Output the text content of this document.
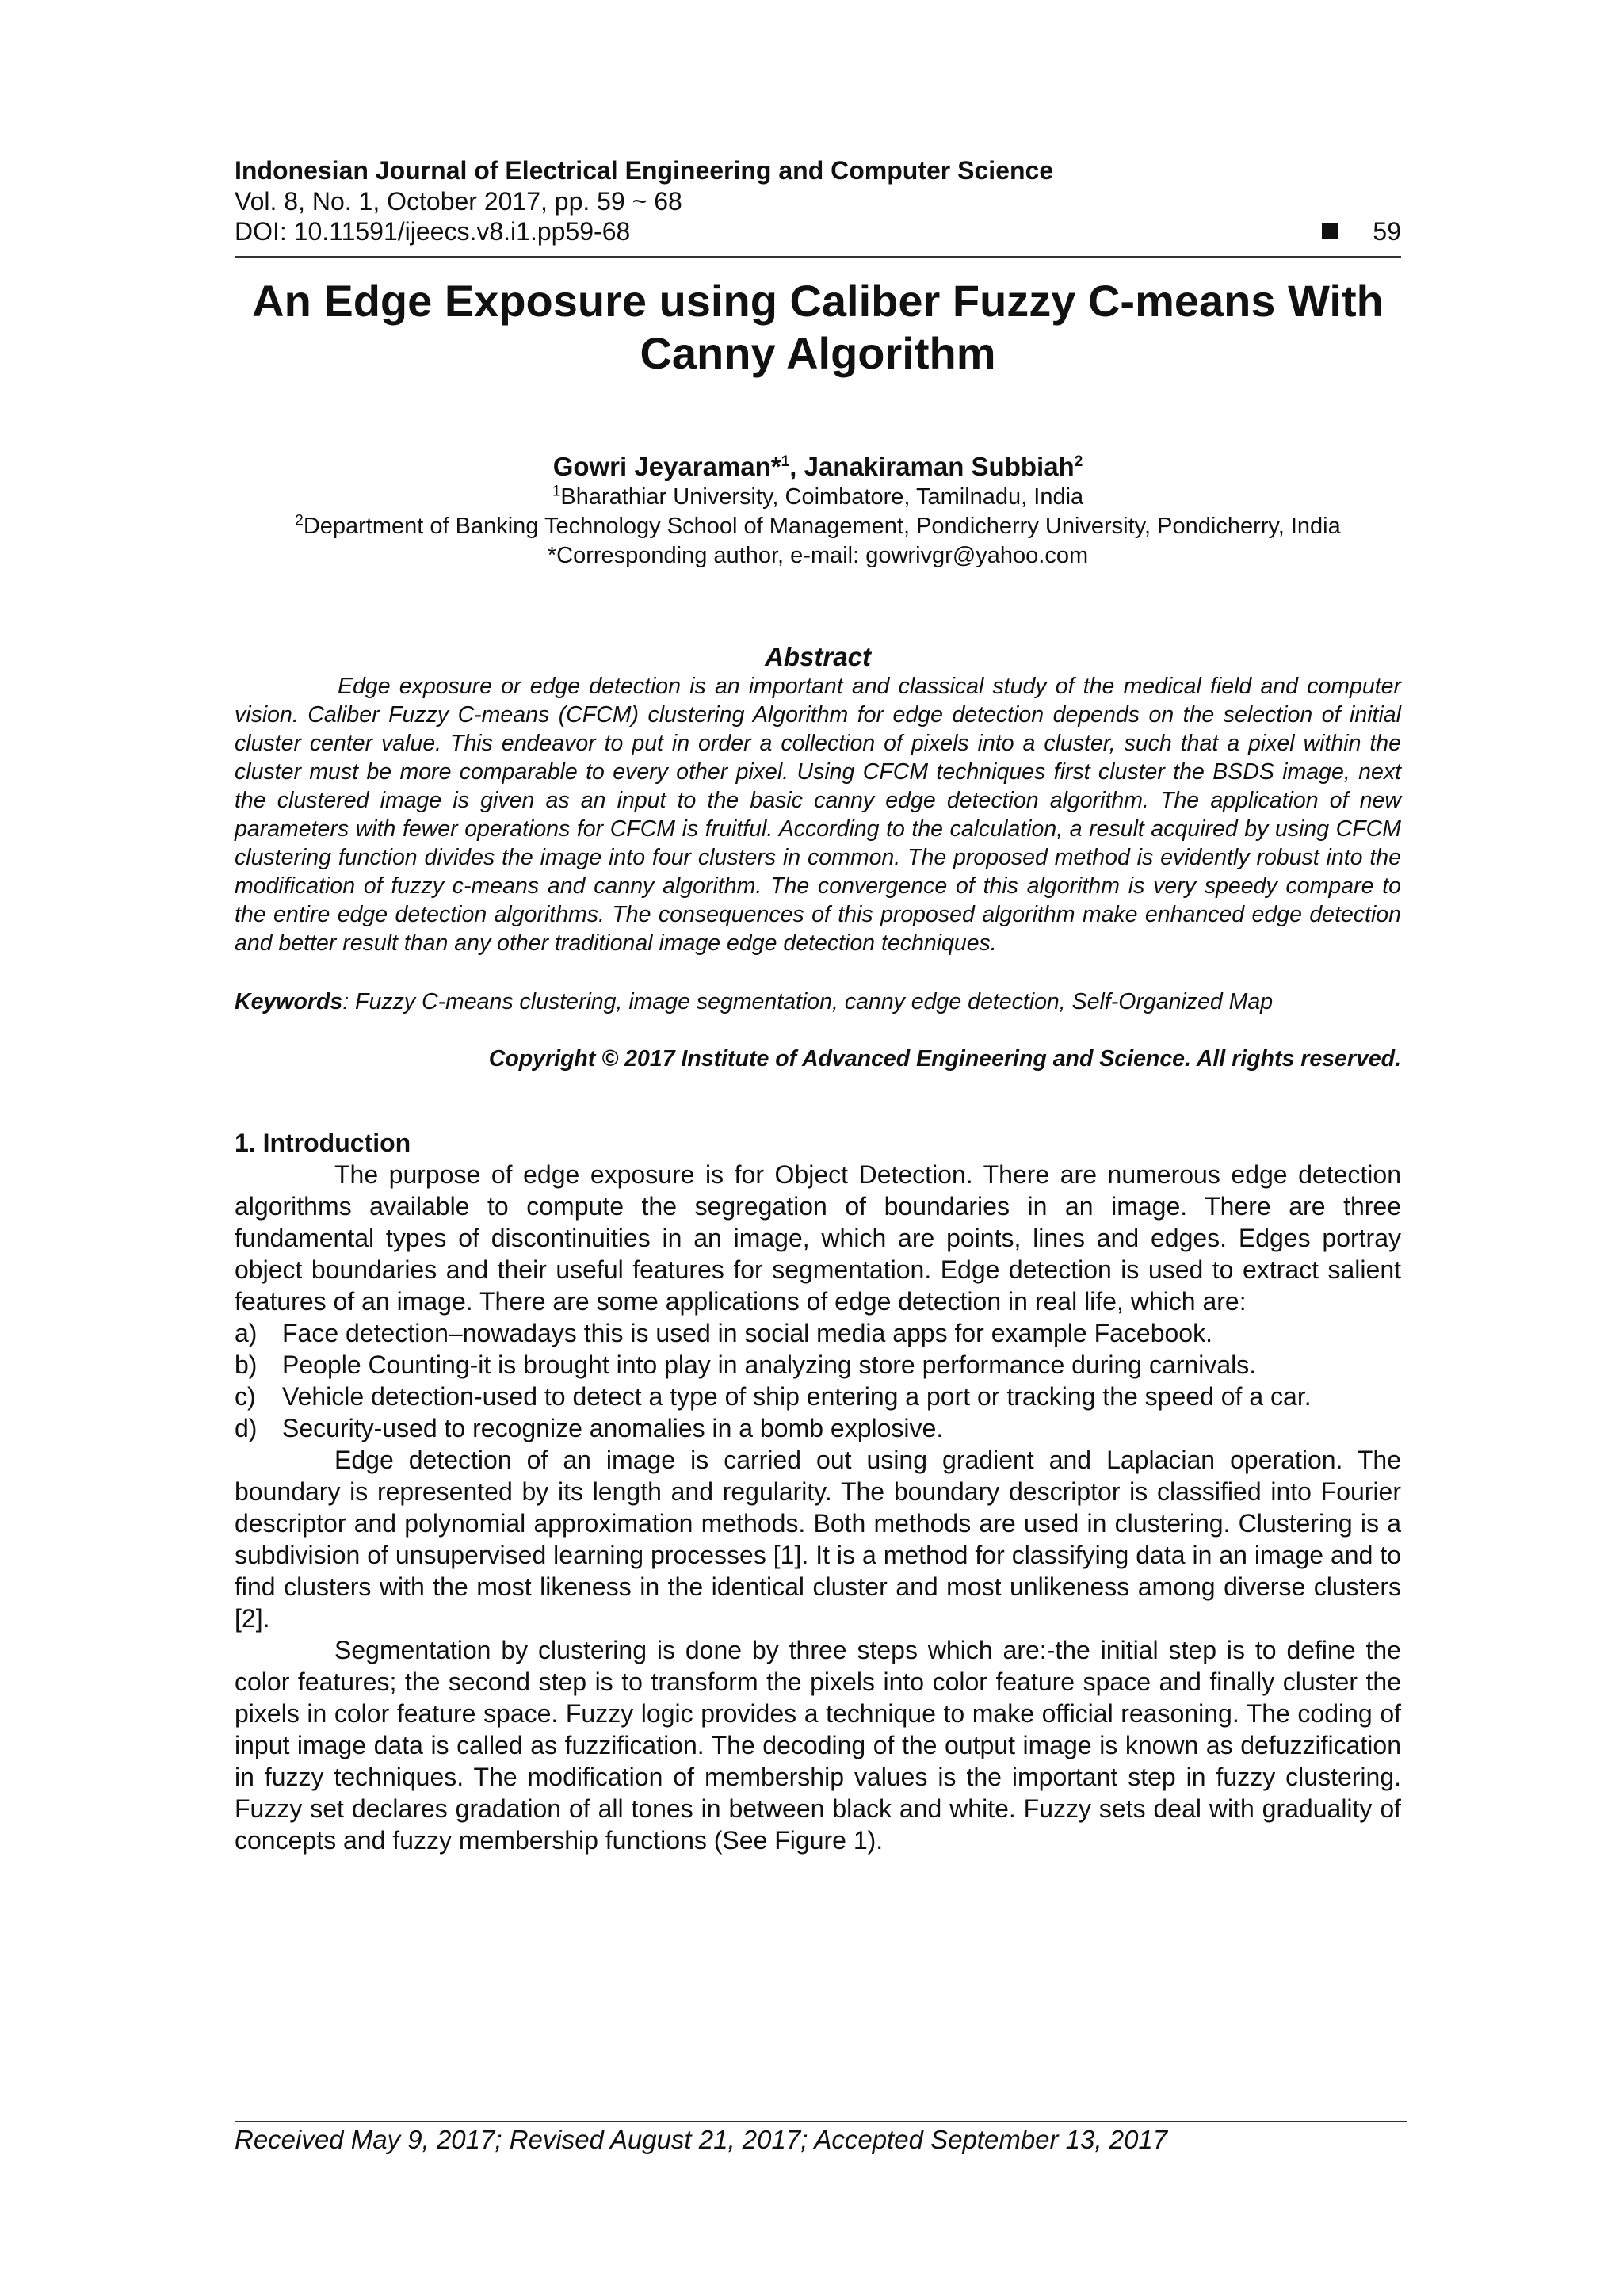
Indonesian Journal of Electrical Engineering and Computer Science

Vol. 8, No. 1, October 2017, pp. 59 ~ 68

DOI: 10.11591/ijeecs.v8.i1.pp59-68	59
An Edge Exposure using Caliber Fuzzy C-means With
Canny Algorithm
Gowri Jeyaraman*$^1$, Janakiraman Subbiah$^2$
$^1$Bharathiar University, Coimbatore, Tamilnadu, India
$^2$Department of Banking Technology School of Management, Pondicherry University, Pondicherry, India
*Corresponding author, e-mail: gowrivgr@yahoo.com
Abstract

Edge exposure or edge detection is an important and classical study of the medical field and computer vision. Caliber Fuzzy C-means (CFCM) clustering Algorithm for edge detection depends on the selection of initial cluster center value. This endeavor to put in order a collection of pixels into a cluster, such that a pixel within the cluster must be more comparable to every other pixel. Using CFCM techniques first cluster the BSDS image, next the clustered image is given as an input to the basic canny edge detection algorithm. The application of new parameters with fewer operations for CFCM is fruitful. According to the calculation, a result acquired by using CFCM clustering function divides the image into four clusters in common. The proposed method is evidently robust into the modification of fuzzy c-means and canny algorithm. The convergence of this algorithm is very speedy compare to the entire edge detection algorithms. The consequences of this proposed algorithm make enhanced edge detection and better result than any other traditional image edge detection techniques.

Keywords: Fuzzy C-means clustering, image segmentation, canny edge detection, Self-Organized Map
Copyright © 2017 Institute of Advanced Engineering and Science. All rights reserved.
1. Introduction

The purpose of edge exposure is for Object Detection. There are numerous edge detection algorithms available to compute the segregation of boundaries in an image. There are three fundamental types of discontinuities in an image, which are points, lines and edges. Edges portray object boundaries and their useful features for segmentation. Edge detection is used to extract salient features of an image. There are some applications of edge detection in real life, which are:

a) Face detection–nowadays this is used in social media apps for example Facebook.
b) People Counting-it is brought into play in analyzing store performance during carnivals.
c)	Vehicle detection-used to detect a type of ship entering a port or tracking the speed of a car.
d) Security-used to recognize anomalies in a bomb explosive.

Edge detection of an image is carried out using gradient and Laplacian operation. The boundary is represented by its length and regularity. The boundary descriptor is classified into Fourier descriptor and polynomial approximation methods. Both methods are used in clustering. Clustering is a subdivision of unsupervised learning processes [1]. It is a method for classifying data in an image and to find clusters with the most likeness in the identical cluster and most unlikeness among diverse clusters [2].

Segmentation by clustering is done by three steps which are:-the initial step is to define the color features; the second step is to transform the pixels into color feature space and finally cluster the pixels in color feature space. Fuzzy logic provides a technique to make official reasoning. The coding of input image data is called as fuzzification. The decoding of the output image is known as defuzzification in fuzzy techniques. The modification of membership values is the important step in fuzzy clustering. Fuzzy set declares gradation of all tones in between black and white. Fuzzy sets deal with graduality of concepts and fuzzy membership functions (See Figure 1).

Received May 9, 2017; Revised August 21, 2017; Accepted September 13, 2017
